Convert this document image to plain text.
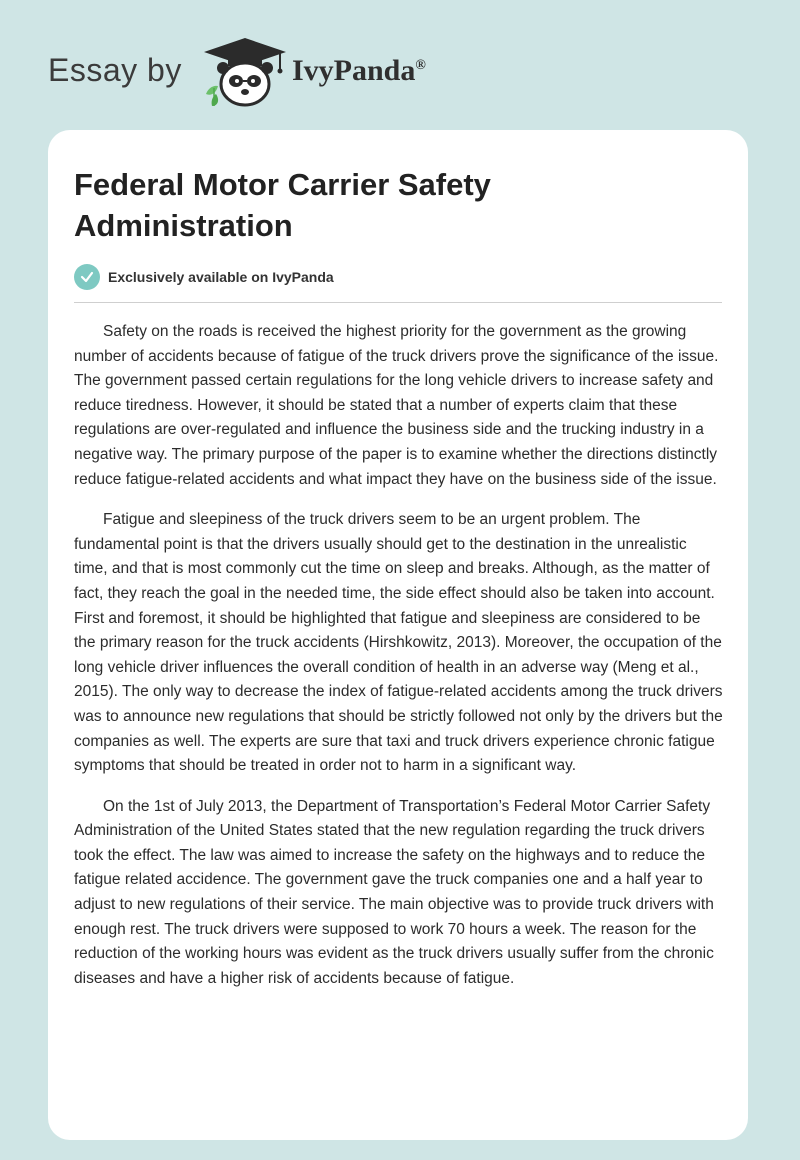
Essay by	IvyPanda®
Federal Motor Carrier Safety Administration
Exclusively available on IvyPanda

Safety on the roads is received the highest priority for the government as the growing number of accidents because of fatigue of the truck drivers prove the significance of the issue. The government passed certain regulations for the long vehicle drivers to increase safety and reduce tiredness. However, it should be stated that a number of experts claim that these regulations are over-regulated and influence the business side and the trucking industry in a negative way. The primary purpose of the paper is to examine whether the directions distinctly reduce fatigue-related accidents and what impact they have on the business side of the issue.

Fatigue and sleepiness of the truck drivers seem to be an urgent problem. The fundamental point is that the drivers usually should get to the destination in the unrealistic time, and that is most commonly cut the time on sleep and breaks. Although, as the matter of fact, they reach the goal in the needed time, the side effect should also be taken into account. First and foremost, it should be highlighted that fatigue and sleepiness are considered to be the primary reason for the truck accidents (Hirshkowitz, 2013). Moreover, the occupation of the long vehicle driver influences the overall condition of health in an adverse way (Meng et al., 2015). The only way to decrease the index of fatigue-related accidents among the truck drivers was to announce new regulations that should be strictly followed not only by the drivers but the companies as well. The experts are sure that taxi and truck drivers experience chronic fatigue symptoms that should be treated in order not to harm in a significant way.

On the 1st of July 2013, the Department of Transportation’s Federal Motor Carrier Safety Administration of the United States stated that the new regulation regarding the truck drivers took the effect. The law was aimed to increase the safety on the highways and to reduce the fatigue related accidence. The government gave the truck companies one and a half year to adjust to new regulations of their service. The main objective was to provide truck drivers with enough rest. The truck drivers were supposed to work 70 hours a week. The reason for the reduction of the working hours was evident as the truck drivers usually suffer from the chronic diseases and have a higher risk of accidents because of fatigue.
